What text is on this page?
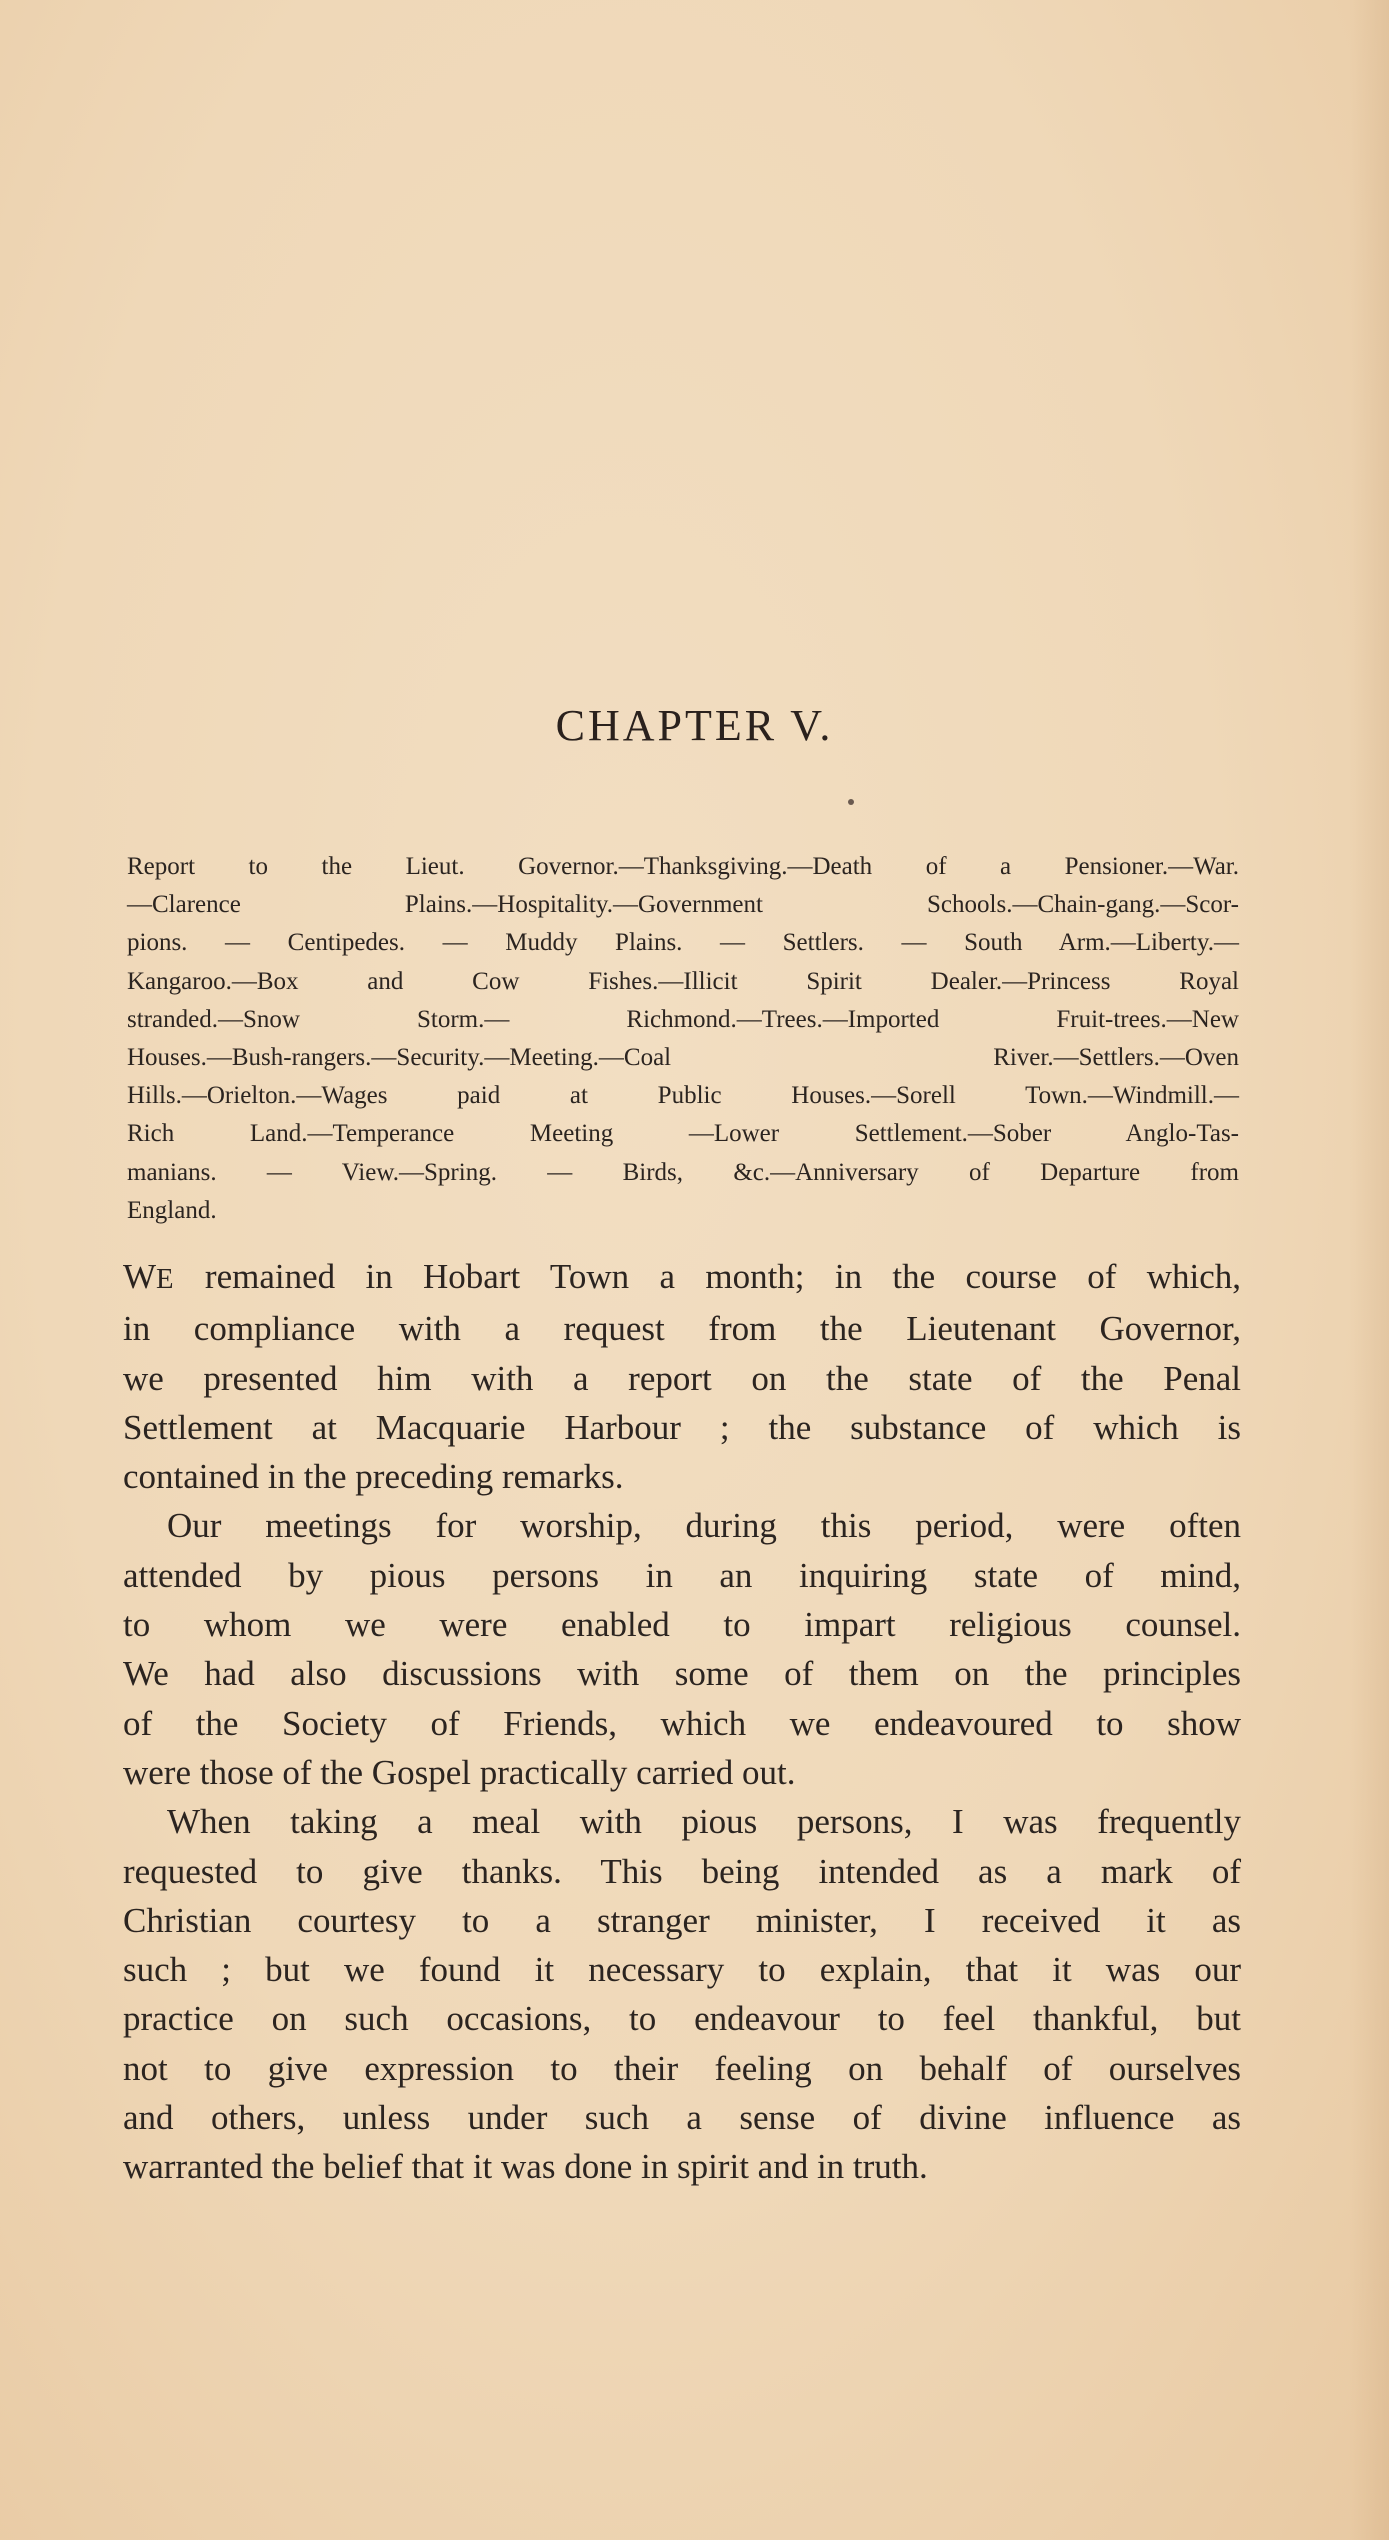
CHAPTER V.
Report to the Lieut. Governor.—Thanksgiving.—Death of a Pensioner.—War.
—Clarence Plains.—Hospitality.—Government Schools.—Chain-gang.—Scor-
pions. — Centipedes. — Muddy Plains. — Settlers. — South Arm.—Liberty.—
Kangaroo.—Box and Cow Fishes.—Illicit Spirit Dealer.—Princess Royal
stranded.—Snow Storm.— Richmond.—Trees.—Imported Fruit-trees.—New
Houses.—Bush-rangers.—Security.—Meeting.—Coal River.—Settlers.—Oven
Hills.—Orielton.—Wages paid at Public Houses.—Sorell Town.—Windmill.—
Rich Land.—Temperance Meeting —Lower Settlement.—Sober Anglo-Tas-
manians. — View.—Spring. — Birds, &c.—Anniversary of Departure from
England.

WE remained in Hobart Town a month; in the course of which,
in compliance with a request from the Lieutenant Governor,
we presented him with a report on the state of the Penal
Settlement at Macquarie Harbour ; the substance of which is
contained in the preceding remarks.

Our meetings for worship, during this period, were often
attended by pious persons in an inquiring state of mind,
to whom we were enabled to impart religious counsel.
We had also discussions with some of them on the principles
of the Society of Friends, which we endeavoured to show
were those of the Gospel practically carried out.

When taking a meal with pious persons, I was frequently
requested to give thanks. This being intended as a mark of
Christian courtesy to a stranger minister, I received it as
such ; but we found it necessary to explain, that it was our
practice on such occasions, to endeavour to feel thankful, but
not to give expression to their feeling on behalf of ourselves
and others, unless under such a sense of divine influence as
warranted the belief that it was done in spirit and in truth.
